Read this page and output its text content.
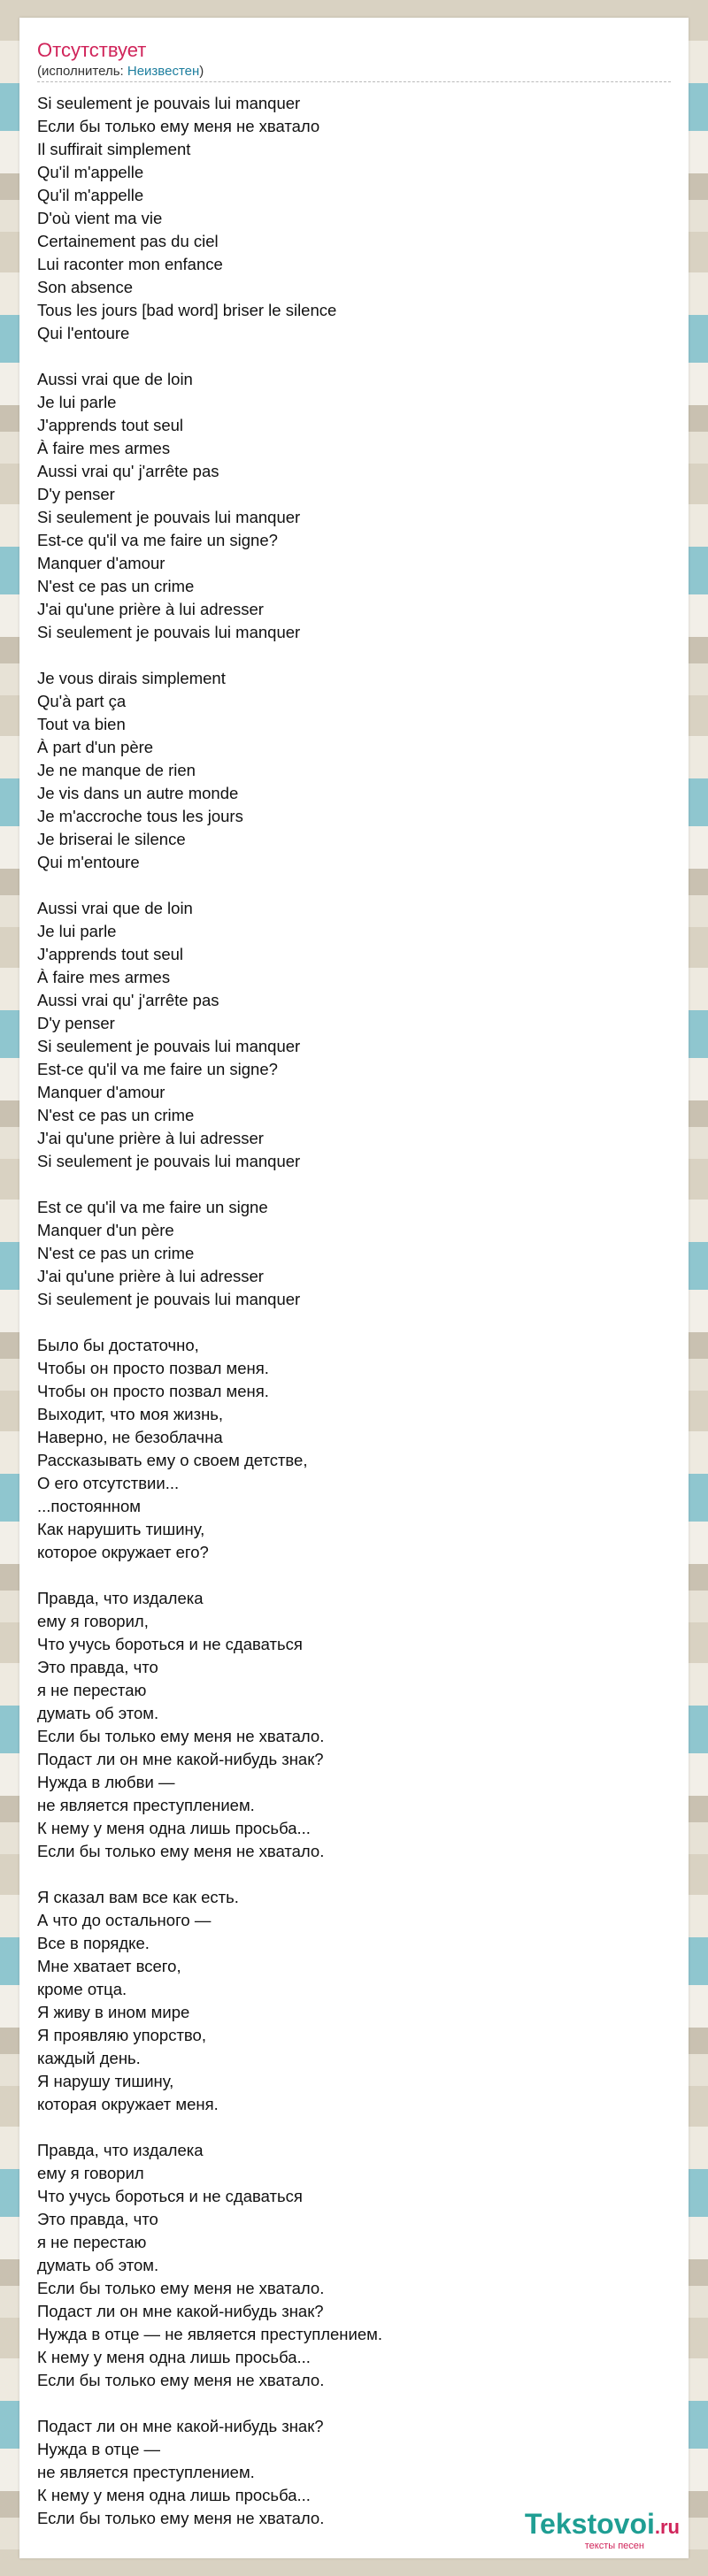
Отсутствует
(исполнитель: Неизвестен)
Si seulement je pouvais lui manquer
Если бы только ему меня не хватало
Il suffirait simplement
Qu'il m'appelle
Qu'il m'appelle
D'où vient ma vie
Certainement pas du ciel
Lui raconter mon enfance
Son absence
Tous les jours [bad word] briser le silence
Qui l'entoure
Aussi vrai que de loin
Je lui parle
J'apprends tout seul
À faire mes armes
Aussi vrai qu' j'arrête pas
D'y penser
Si seulement je pouvais lui manquer
Est-ce qu'il va me faire un signe?
Manquer d'amour
N'est ce pas un crime
J'ai qu'une prière à lui adresser
Si seulement je pouvais lui manquer
Je vous dirais simplement
Qu'à part ça
Tout va bien
À part d'un père
Je ne manque de rien
Je vis dans un autre monde
Je m'accroche tous les jours
Je briserai le silence
Qui m'entoure
Aussi vrai que de loin
Je lui parle
J'apprends tout seul
À faire mes armes
Aussi vrai qu' j'arrête pas
D'y penser
Si seulement je pouvais lui manquer
Est-ce qu'il va me faire un signe?
Manquer d'amour
N'est ce pas un crime
J'ai qu'une prière à lui adresser
Si seulement je pouvais lui manquer
Est ce qu'il va me faire un signe
Manquer d'un père
N'est ce pas un crime
J'ai qu'une prière à lui adresser
Si seulement je pouvais lui manquer
Было бы достаточно,
Чтобы он просто позвал меня.
Чтобы он просто позвал меня.
Выходит, что моя жизнь,
Наверно, не безоблачна
Рассказывать ему о своем детстве,
О его отсутствии...
...постоянном
Как нарушить тишину,
которое окружает его?
Правда, что издалека
ему я говорил,
Что учусь бороться и не сдаваться
Это правда, что
я не перестаю
думать об этом.
Если бы только ему меня не хватало.
Подаст ли он мне какой-нибудь знак?
Нужда в любви —
не является преступлением.
К нему у меня одна лишь просьба...
Если бы только ему меня не хватало.
Я сказал вам все как есть.
А что до остального —
Все в порядке.
Мне хватает всего,
кроме отца.
Я живу в ином мире
Я проявляю упорство,
каждый день.
Я нарушу тишину,
которая окружает меня.
Правда, что издалека
ему я говорил
Что учусь бороться и не сдаваться
Это правда, что
я не перестаю
думать об этом.
Если бы только ему меня не хватало.
Подаст ли он мне какой-нибудь знак?
Нужда в отце — не является преступлением.
К нему у меня одна лишь просьба...
Если бы только ему меня не хватало.
Подаст ли он мне какой-нибудь знак?
Нужда в отце —
не является преступлением.
К нему у меня одна лишь просьба...
Если бы только ему меня не хватало.	Tekstovoi.ru
тексты песен
